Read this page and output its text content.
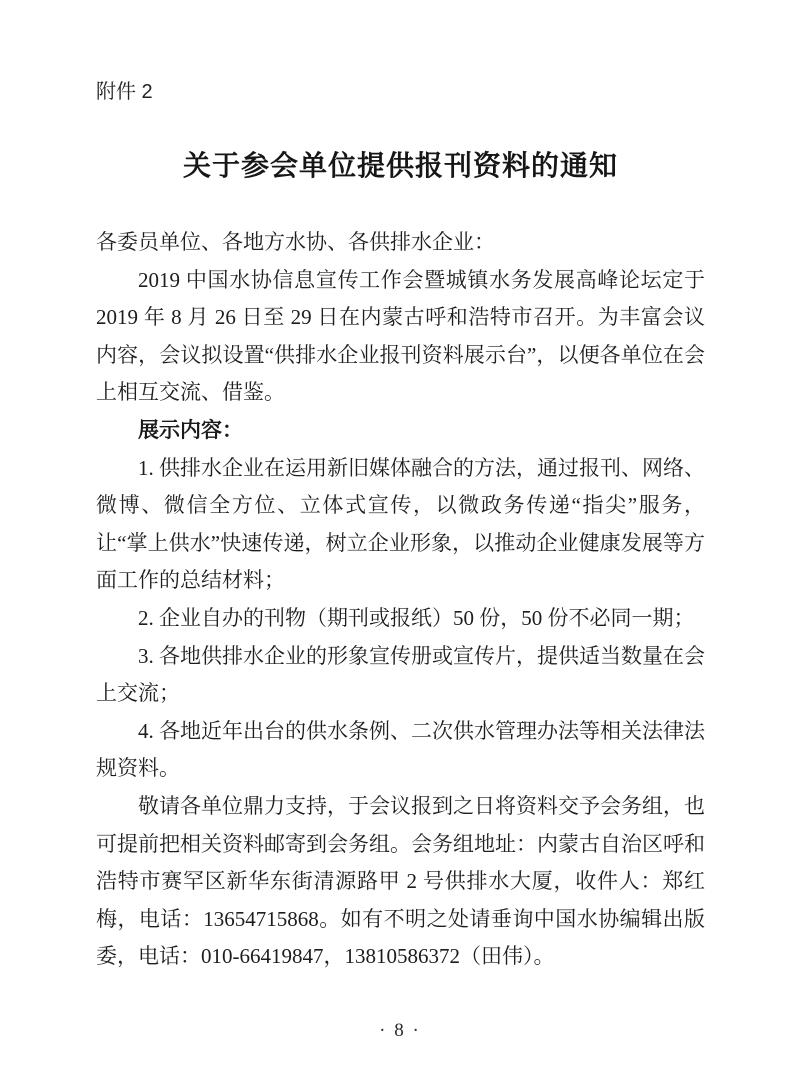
附件 2
关于参会单位提供报刊资料的通知

各委员单位、各地方水协、各供排水企业：

2019 中国水协信息宣传工作会暨城镇水务发展高峰论坛定于 2019 年 8 月 26 日至 29 日在内蒙古呼和浩特市召开。为丰富会议内容，会议拟设置“供排水企业报刊资料展示台”，以便各单位在会上相互交流、借鉴。

展示内容：

1. 供排水企业在运用新旧媒体融合的方法，通过报刊、网络、微博、微信全方位、立体式宣传，以微政务传递“指尖”服务，让“掌上供水”快速传递，树立企业形象，以推动企业健康发展等方面工作的总结材料；

2. 企业自办的刊物（期刊或报纸）50 份，50 份不必同一期；

3. 各地供排水企业的形象宣传册或宣传片，提供适当数量在会上交流；

4. 各地近年出台的供水条例、二次供水管理办法等相关法律法规资料。

敬请各单位鼎力支持，于会议报到之日将资料交予会务组，也可提前把相关资料邮寄到会务组。会务组地址：内蒙古自治区呼和浩特市赛罕区新华东街清源路甲 2 号供排水大厦，收件人：郑红梅，电话：13654715868。如有不明之处请垂询中国水协编辑出版委，电话：010-66419847，13810586372（田伟）。

· 8 ·
